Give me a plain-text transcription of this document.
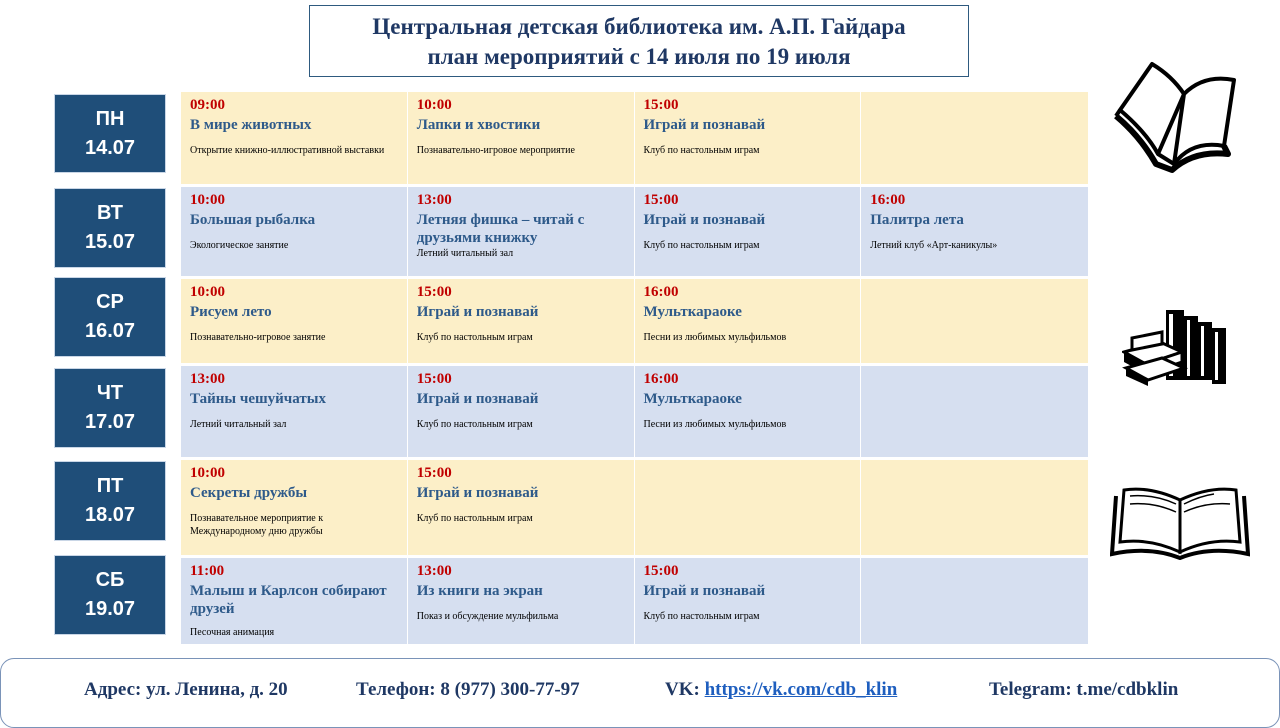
Центральная детская библиотека им. А.П. Гайдара
план мероприятий с 14 июля по 19 июля
ПН
14.07
09:00
В мире животных
Открытие книжно-иллюстративной выставки
10:00
Лапки и хвостики
Познавательно-игровое мероприятие
15:00
Играй и познавай
Клуб по настольным играм
ВТ
15.07
10:00
Большая рыбалка
Экологическое занятие
13:00
Летняя фишка – читай с друзьями книжку
Летний читальный зал
15:00
Играй и познавай
Клуб по настольным играм
16:00
Палитра лета
Летний клуб «Арт-каникулы»
СР
16.07
10:00
Рисуем лето
Познавательно-игровое занятие
15:00
Играй и познавай
Клуб по настольным играм
16:00
Мульткараоке
Песни из любимых мульфильмов
ЧТ
17.07
13:00
Тайны чешуйчатых
Летний читальный зал
15:00
Играй и познавай
Клуб по настольным играм
16:00
Мульткараоке
Песни из любимых мульфильмов
ПТ
18.07
10:00
Секреты дружбы
Познавательное мероприятие к Международному дню дружбы
15:00
Играй и познавай
Клуб по настольным играм
СБ
19.07
11:00
Малыш и Карлсон собирают друзей
Песочная анимация
13:00
Из книги на экран
Показ и обсуждение мульфильма
15:00
Играй и познавай
Клуб по настольным играм
Адрес: ул. Ленина, д. 20	Телефон: 8 (977) 300-77-97	VK: https://vk.com/cdb_klin	Telegram: t.me/cdbklin
